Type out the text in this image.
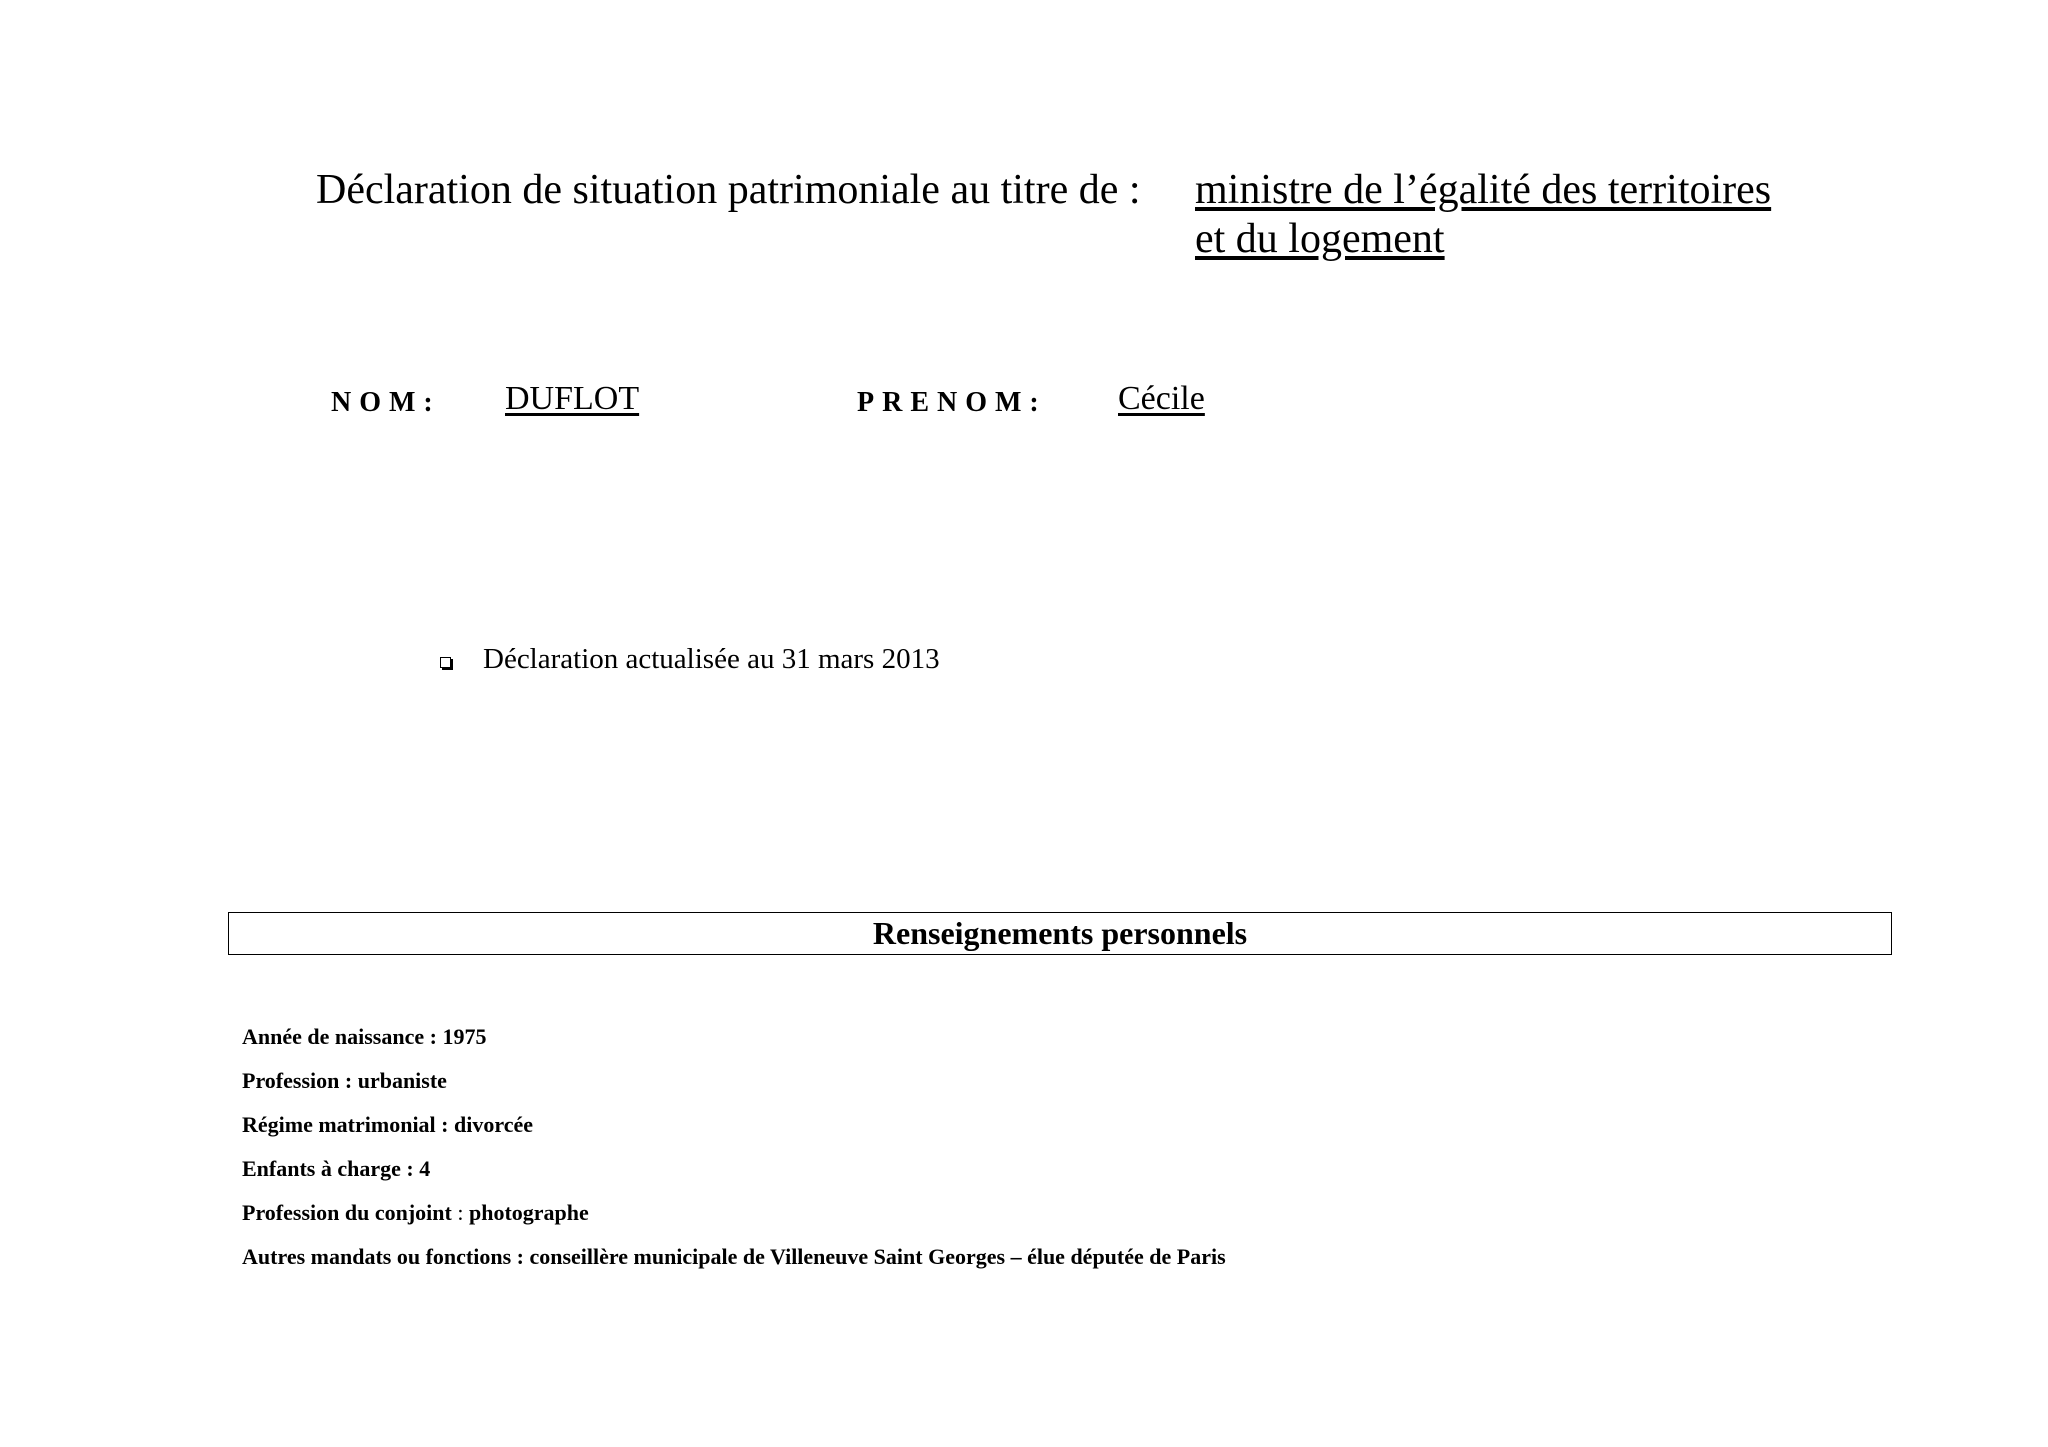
Déclaration de situation patrimoniale au titre de : ministre de l’égalité des territoires
et du logement
NOM: DUFLOT	PRENOM: Cécile
Déclaration actualisée au 31 mars 2013
Renseignements personnels
Année de naissance : 1975
Profession : urbaniste
Régime matrimonial : divorcée
Enfants à charge : 4
Profession du conjoint : photographe
Autres mandats ou fonctions : conseillère municipale de Villeneuve Saint Georges – élue députée de Paris
